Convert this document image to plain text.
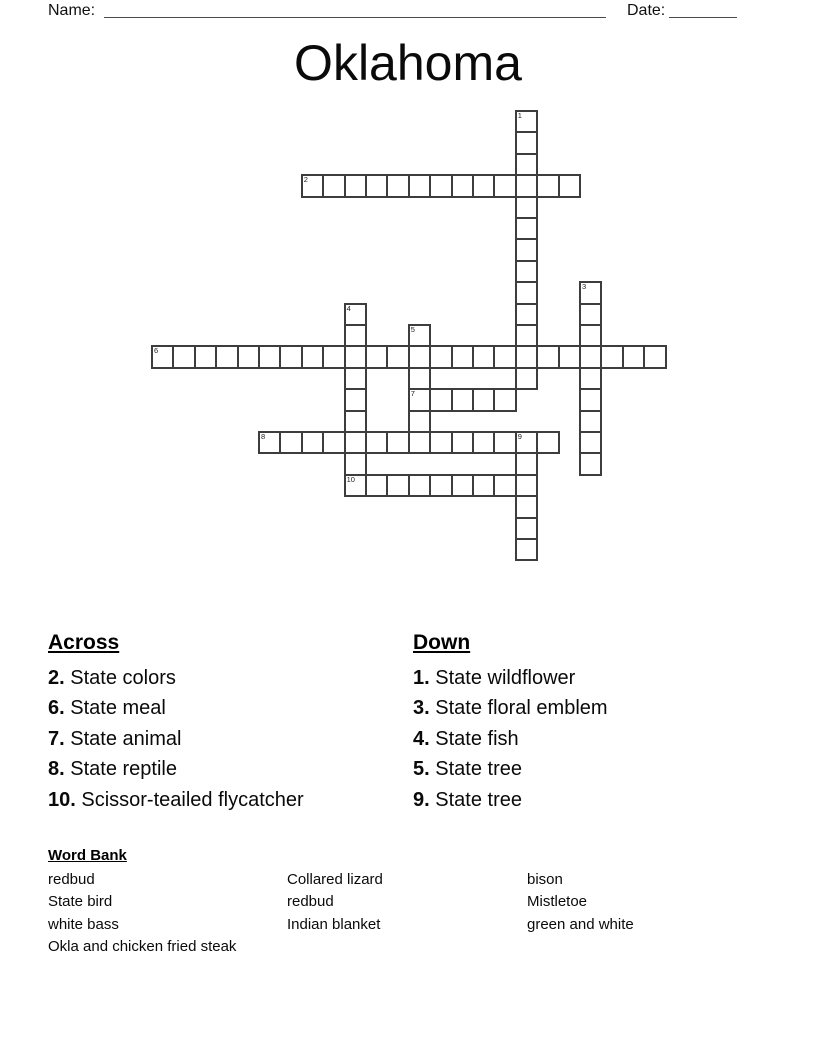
Name:	Date:
Oklahoma
1
2
3
4
10
5
7
6
8	9
Across
2. State colors
6. State meal
7. State animal
8. State reptile
10. Scissor-teailed flycatcher
Down
1. State wildflower
3. State floral emblem
4. State fish
5. State tree
9. State tree
Word Bank
redbud
State bird
white bass
Okla and chicken fried steak
Collared lizard
redbud
Indian blanket
bison
Mistletoe
green and white
